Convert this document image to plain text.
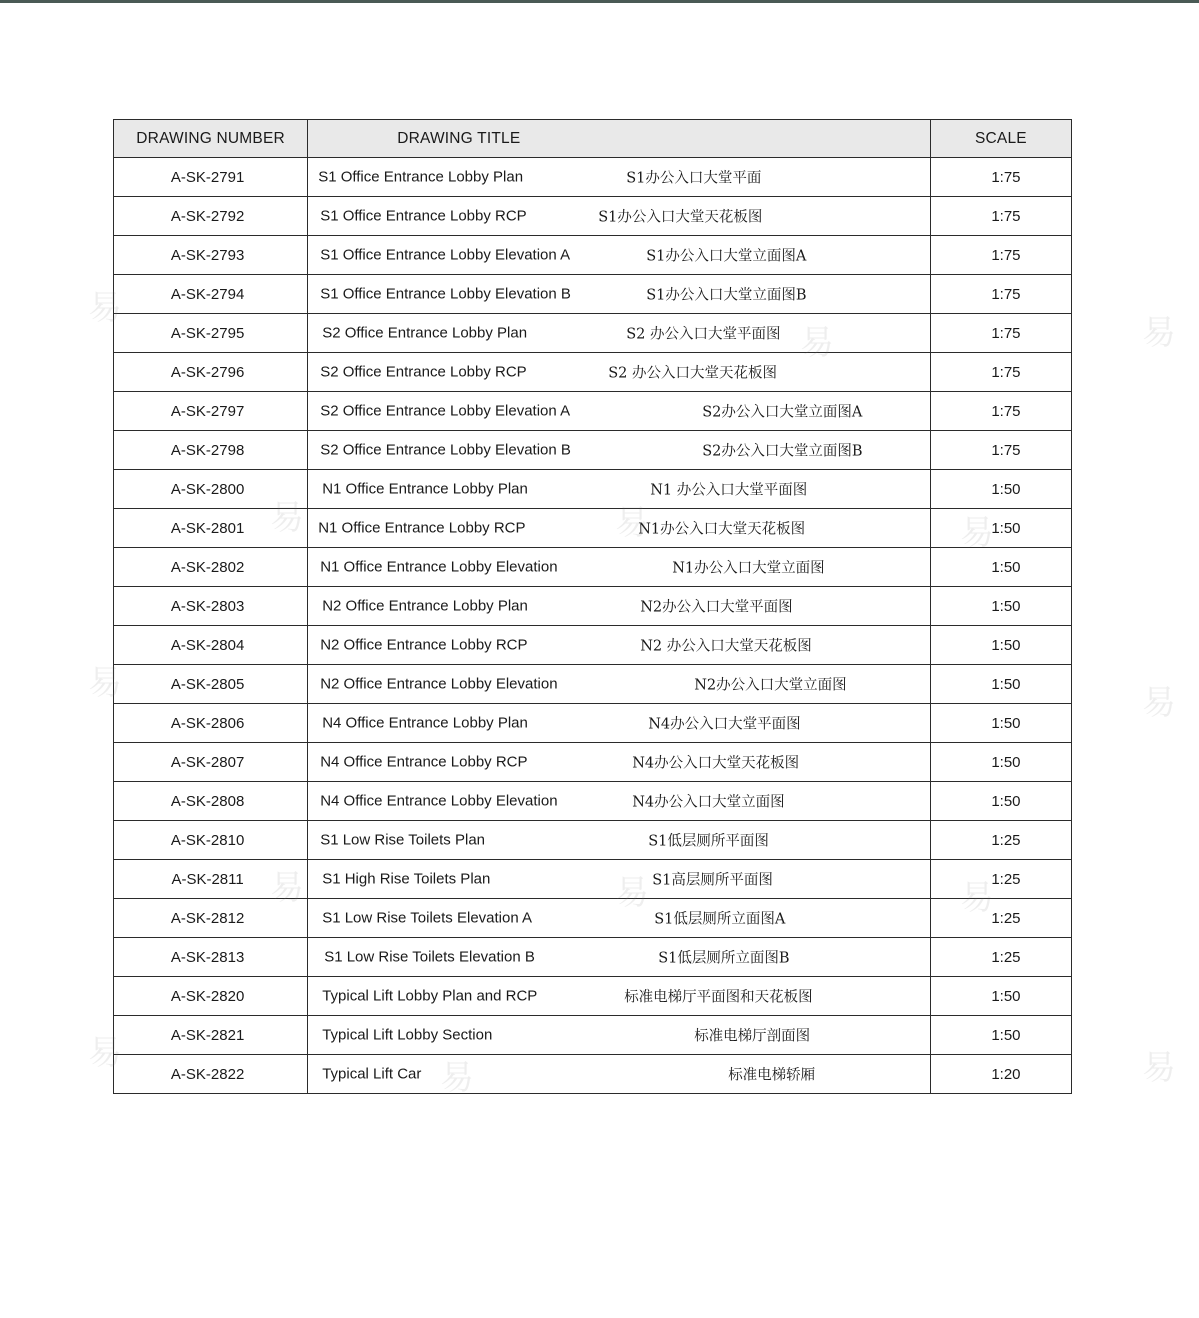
DRAWING NUMBER	DRAWING TITLE	SCALE
A-SK-2791	S1 Office Entrance Lobby Plan S1办公入口大堂平面	1:75
A-SK-2792	S1 Office Entrance Lobby RCP S1办公入口大堂天花板图	1:75
A-SK-2793	S1 Office Entrance Lobby Elevation A S1办公入口大堂立面图A	1:75
A-SK-2794	S1 Office Entrance Lobby Elevation B S1办公入口大堂立面图B	1:75
A-SK-2795	S2 Office Entrance Lobby Plan S2 办公入口大堂平面图	1:75
A-SK-2796	S2 Office Entrance Lobby RCP S2 办公入口大堂天花板图	1:75
A-SK-2797	S2 Office Entrance Lobby Elevation A S2办公入口大堂立面图A	1:75
A-SK-2798	S2 Office Entrance Lobby Elevation B S2办公入口大堂立面图B	1:75
A-SK-2800	N1 Office Entrance Lobby Plan N1 办公入口大堂平面图	1:50
A-SK-2801	N1 Office Entrance Lobby RCP N1办公入口大堂天花板图	1:50
A-SK-2802	N1 Office Entrance Lobby Elevation N1办公入口大堂立面图	1:50
A-SK-2803	N2 Office Entrance Lobby Plan N2办公入口大堂平面图	1:50
A-SK-2804	N2 Office Entrance Lobby RCP N2 办公入口大堂天花板图	1:50
A-SK-2805	N2 Office Entrance Lobby Elevation N2办公入口大堂立面图	1:50
A-SK-2806	N4 Office Entrance Lobby Plan N4办公入口大堂平面图	1:50
A-SK-2807	N4 Office Entrance Lobby RCP N4办公入口大堂天花板图	1:50
A-SK-2808	N4 Office Entrance Lobby Elevation N4办公入口大堂立面图	1:50
A-SK-2810	S1 Low Rise Toilets Plan S1低层厕所平面图	1:25
A-SK-2811	S1 High Rise Toilets Plan S1高层厕所平面图	1:25
A-SK-2812	S1 Low Rise Toilets Elevation A S1低层厕所立面图A	1:25
A-SK-2813	S1 Low Rise Toilets Elevation B S1低层厕所立面图B	1:25
A-SK-2820	Typical Lift Lobby Plan and RCP 标准电梯厅平面图和天花板图	1:50
A-SK-2821	Typical Lift Lobby Section 标准电梯厅剖面图	1:50
A-SK-2822	Typical Lift Car 标准电梯轿厢	1:20
易
易
易	易
易	易
易	易	易
易	易	易
易
易
